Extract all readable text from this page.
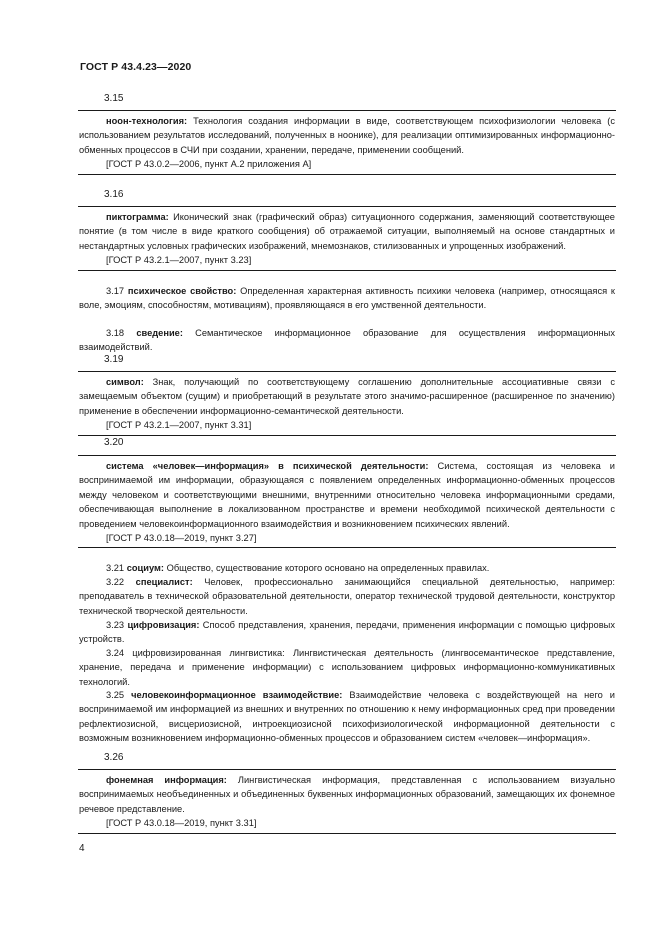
ГОСТ Р 43.4.23—2020
3.15
ноон-технология: Технология создания информации в виде, соответствующем психофизиологии человека (с использованием результатов исследований, полученных в ноонике), для реализации оптимизированных информационно-обменных процессов в СЧИ при создании, хранении, передаче, применении сообщений.
[ГОСТ Р 43.0.2—2006, пункт А.2 приложения А]
3.16
пиктограмма: Иконический знак (графический образ) ситуационного содержания, заменяющий соответствующее понятие (в том числе в виде краткого сообщения) об отражаемой ситуации, выполняемый на основе стандартных и нестандартных условных графических изображений, мнемознаков, стилизованных и упрощенных изображений.
[ГОСТ Р 43.2.1—2007, пункт 3.23]
3.17 психическое свойство: Определенная характерная активность психики человека (например, относящаяся к воле, эмоциям, способностям, мотивациям), проявляющаяся в его умственной деятельности.
3.18 сведение: Семантическое информационное образование для осуществления информационных взаимодействий.
3.19
символ: Знак, получающий по соответствующему соглашению дополнительные ассоциативные связи с замещаемым объектом (сущим) и приобретающий в результате этого значимо-расширенное (расширенное по значению) применение в обеспечении информационно-семантической деятельности.
[ГОСТ Р 43.2.1—2007, пункт 3.31]
3.20
система «человек—информация» в психической деятельности: Система, состоящая из человека и воспринимаемой им информации, образующаяся с появлением определенных информационно-обменных процессов между человеком и соответствующими внешними, внутренними относительно человека информационными средами, обеспечивающая выполнение в локализованном пространстве и времени необходимой психической деятельности с проведением человекоинформационного взаимодействия и возникновением психических явлений.
[ГОСТ Р 43.0.18—2019, пункт 3.27]
3.21 социум: Общество, существование которого основано на определенных правилах.
3.22 специалист: Человек, профессионально занимающийся специальной деятельностью, например: преподаватель в технической образовательной деятельности, оператор технической трудовой деятельности, конструктор технической творческой деятельности.
3.23 цифровизация: Способ представления, хранения, передачи, применения информации с помощью цифровых устройств.
3.24 цифровизированная лингвистика: Лингвистическая деятельность (лингвосемантическое представление, хранение, передача и применение информации) с использованием цифровых информационно-коммуникативных технологий.
3.25 человекоинформационное взаимодействие: Взаимодействие человека с воздействующей на него и воспринимаемой им информацией из внешних и внутренних по отношению к нему информационных сред при проведении рефлектиозисной, висцериозисной, интроекциозисной психофизиологической информационной деятельности с возможным возникновением информационно-обменных процессов и образованием систем «человек—информация».
3.26
фонемная информация: Лингвистическая информация, представленная с использованием визуально воспринимаемых необъединенных и объединенных буквенных информационных образований, замещающих их фонемное речевое представление.
[ГОСТ Р 43.0.18—2019, пункт 3.31]
4
